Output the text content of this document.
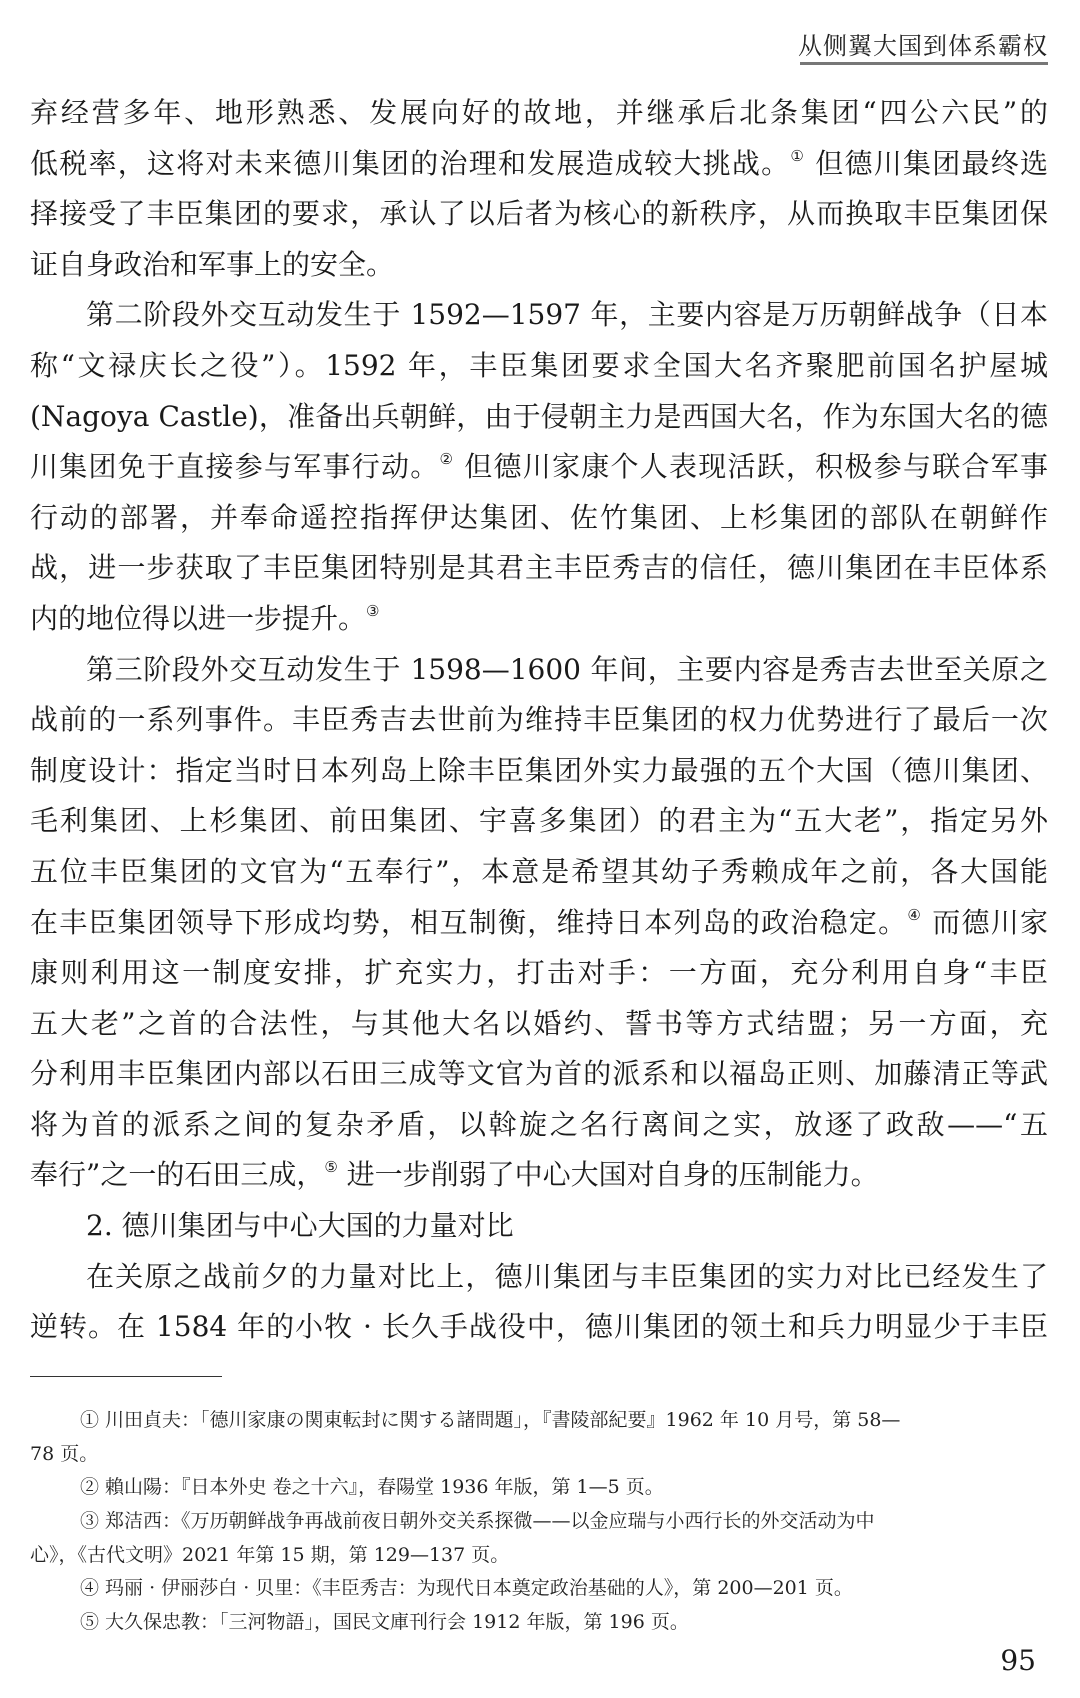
从侧翼大国到体系霸权
弃经营多年、地形熟悉、发展向好的故地，并继承后北条集团“四公六民”的
低税率，这将对未来德川集团的治理和发展造成较大挑战。① 但德川集团最终选
择接受了丰臣集团的要求，承认了以后者为核心的新秩序，从而换取丰臣集团保
证自身政治和军事上的安全。
第二阶段外交互动发生于 1592—1597 年，主要内容是万历朝鲜战争（日本
称“文禄庆长之役”）。1592 年，丰臣集团要求全国大名齐聚肥前国名护屋城
(Nagoya Castle)，准备出兵朝鲜，由于侵朝主力是西国大名，作为东国大名的德
川集团免于直接参与军事行动。② 但德川家康个人表现活跃，积极参与联合军事
行动的部署，并奉命遥控指挥伊达集团、佐竹集团、上杉集团的部队在朝鲜作
战，进一步获取了丰臣集团特别是其君主丰臣秀吉的信任，德川集团在丰臣体系
内的地位得以进一步提升。③
第三阶段外交互动发生于 1598—1600 年间，主要内容是秀吉去世至关原之
战前的一系列事件。丰臣秀吉去世前为维持丰臣集团的权力优势进行了最后一次
制度设计：指定当时日本列岛上除丰臣集团外实力最强的五个大国（德川集团、
毛利集团、上杉集团、前田集团、宇喜多集团）的君主为“五大老”，指定另外
五位丰臣集团的文官为“五奉行”，本意是希望其幼子秀赖成年之前，各大国能
在丰臣集团领导下形成均势，相互制衡，维持日本列岛的政治稳定。④ 而德川家
康则利用这一制度安排，扩充实力，打击对手：一方面，充分利用自身“丰臣
五大老”之首的合法性，与其他大名以婚约、誓书等方式结盟；另一方面，充
分利用丰臣集团内部以石田三成等文官为首的派系和以福岛正则、加藤清正等武
将为首的派系之间的复杂矛盾，以斡旋之名行离间之实，放逐了政敌——“五
奉行”之一的石田三成，⑤ 进一步削弱了中心大国对自身的压制能力。
2. 德川集团与中心大国的力量对比
在关原之战前夕的力量对比上，德川集团与丰臣集团的实力对比已经发生了
逆转。在 1584 年的小牧 · 长久手战役中，德川集团的领土和兵力明显少于丰臣
① 川田貞夫：「德川家康の関東転封に関する諸問題」，『書陵部紀要』1962 年 10 月号，第 58—
78 页。
② 賴山陽：『日本外史 卷之十六』，春陽堂 1936 年版，第 1—5 页。
③ 郑洁西：《万历朝鲜战争再战前夜日朝外交关系探微——以金应瑞与小西行长的外交活动为中
心》，《古代文明》2021 年第 15 期，第 129—137 页。
④ 玛丽 · 伊丽莎白 · 贝里：《丰臣秀吉：为现代日本奠定政治基础的人》，第 200—201 页。
⑤ 大久保忠教：「三河物語」，国民文庫刊行会 1912 年版，第 196 页。
95
